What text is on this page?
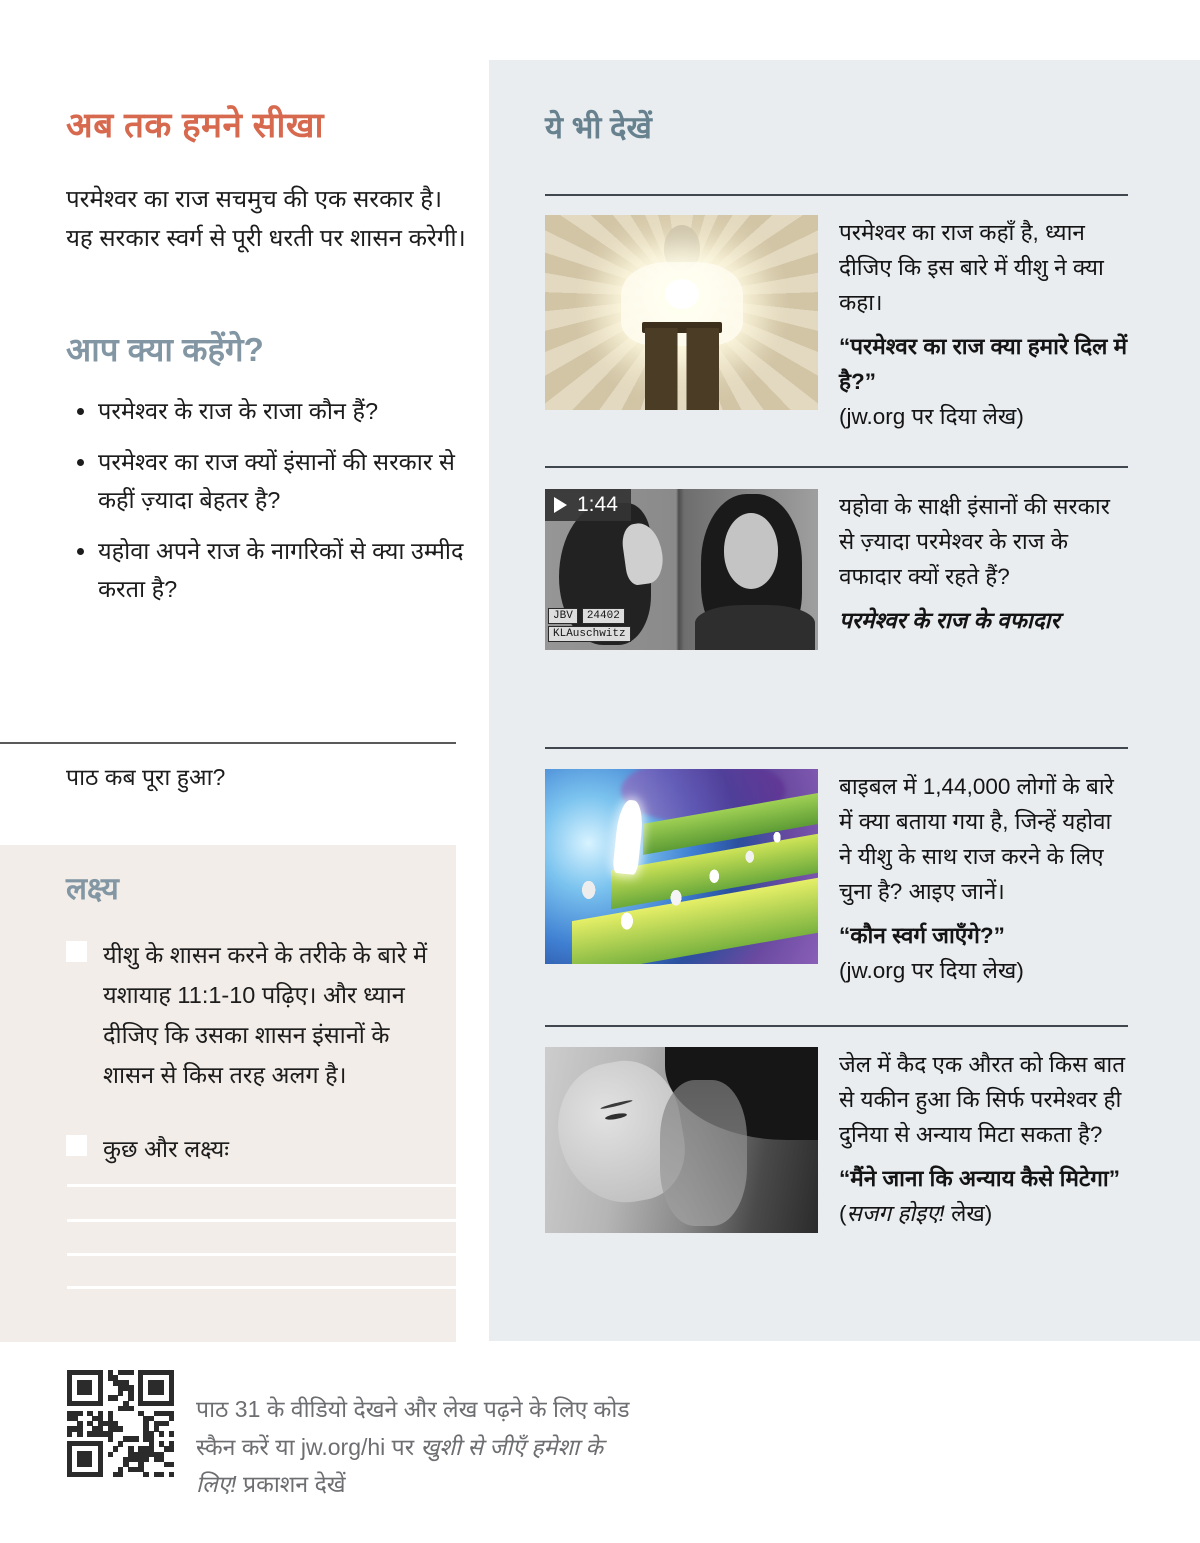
अब तक हमने सीखा

परमेश्वर का राज सचमुच की एक सरकार है। यह सरकार स्वर्ग से पूरी धरती पर शासन करेगी।

आप क्या कहेंगे?
• परमेश्वर के राज के राजा कौन हैं?
• परमेश्वर का राज क्यों इंसानों की सरकार से कहीं ज़्यादा बेहतर है?
• यहोवा अपने राज के नागरिकों से क्या उम्मीद करता है?
पाठ कब पूरा हुआ?
लक्ष्य
यीशु के शासन करने के तरीके के बारे में यशायाह 11:1-10 पढ़िए। और ध्यान दीजिए कि उसका शासन इंसानों के शासन से किस तरह अलग है।
कुछ और लक्ष्यः
ये भी देखें
परमेश्वर का राज कहाँ है, ध्यान दीजिए कि इस बारे में यीशु ने क्या कहा।
“परमेश्वर का राज क्या हमारे दिल में है?”
(jw.org पर दिया लेख)
JBV	24402
KLAuschwitz
1:44	यहोवा के साक्षी इंसानों की सरकार से ज़्यादा परमेश्वर के राज के वफादार क्यों रहते हैं?
परमेश्वर के राज के वफादार
बाइबल में 1,44,000 लोगों के बारे में क्या बताया गया है, जिन्हें यहोवा ने यीशु के साथ राज करने के लिए चुना है? आइए जानें।
“कौन स्वर्ग जाएँगे?”
(jw.org पर दिया लेख)
जेल में कैद एक औरत को किस बात से यकीन हुआ कि सिर्फ परमेश्वर ही दुनिया से अन्याय मिटा सकता है?
“मैंने जाना कि अन्याय कैसे मिटेगा” (सजग होइए! लेख)
पाठ 31 के वीडियो देखने और लेख पढ़ने के लिए कोड स्कैन करें या jw.org/hi पर खुशी से जीएँ हमेशा के लिए! प्रकाशन देखें
